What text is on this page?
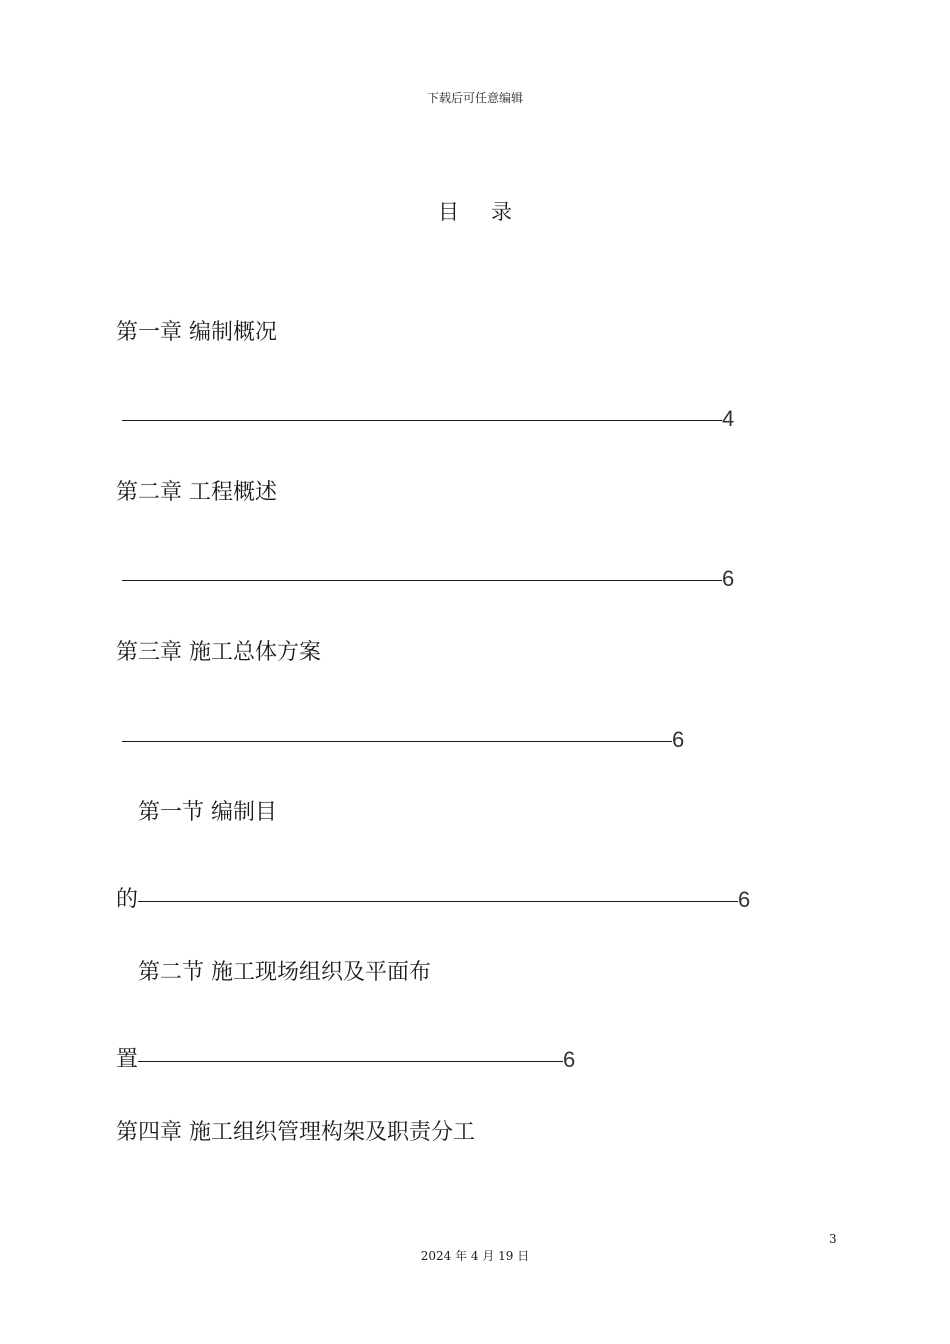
下载后可任意编辑
目 录
第一章 编制概况
4
第二章 工程概述
6
第三章 施工总体方案
6
第一节 编制目
的	6
第二节 施工现场组织及平面布
置	6
第四章 施工组织管理构架及职责分工
3
2024 年 4 月 19 日
